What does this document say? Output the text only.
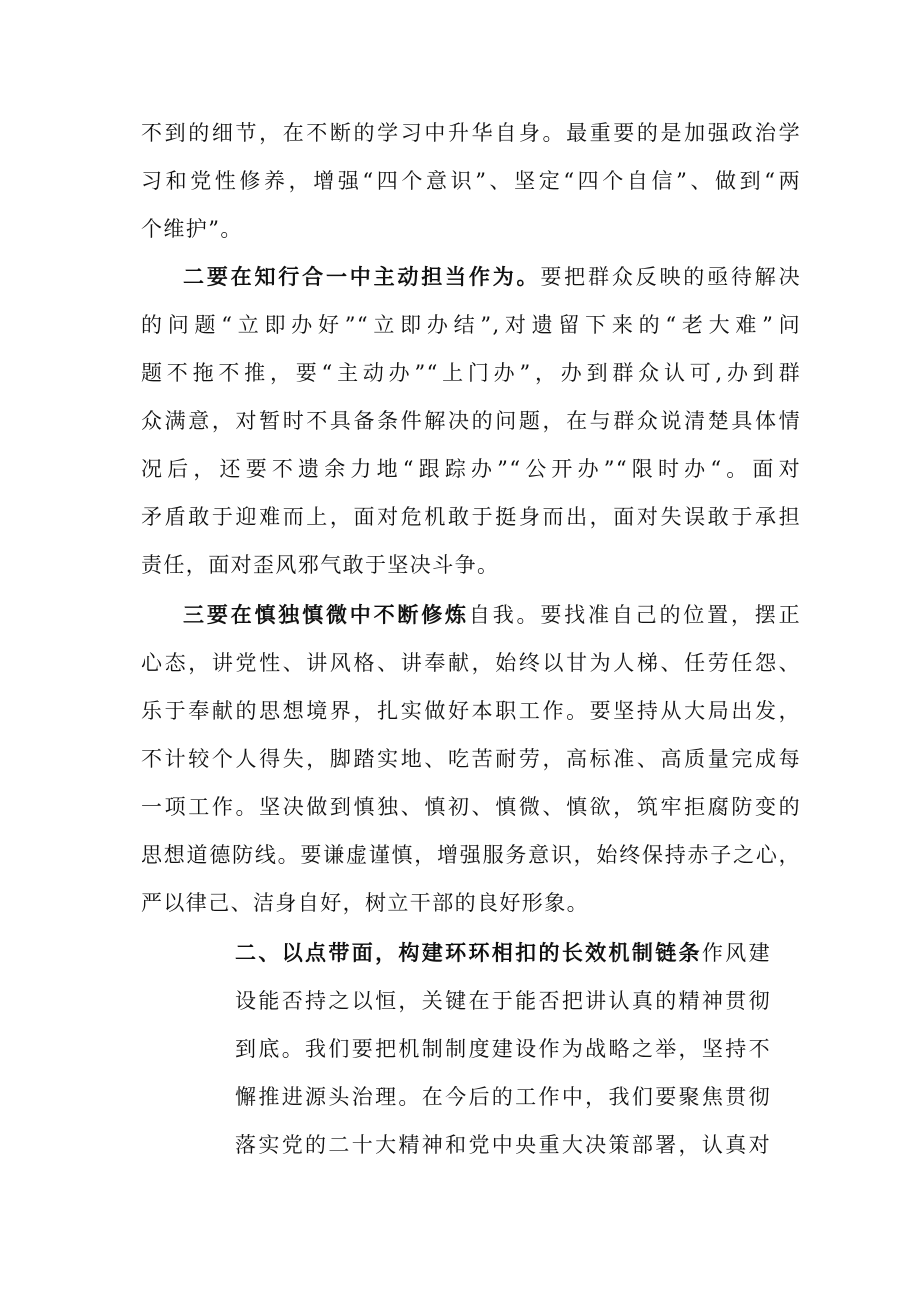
不到的细节，在不断的学习中升华自身。最重要的是加强政治学
习和党性修养，增强“四个意识”、坚定“四个自信”、做到“两
个维护”。
二要在知行合一中主动担当作为。要把群众反映的亟待解决
的问题“立即办好”“立即办结”,对遗留下来的“老大难”问
题不拖不推，要“主动办”“上门办”，办到群众认可,办到群
众满意，对暂时不具备条件解决的问题，在与群众说清楚具体情
况后，还要不遗余力地“跟踪办”“公开办”“限时办“。面对
矛盾敢于迎难而上，面对危机敢于挺身而出，面对失误敢于承担
责任，面对歪风邪气敢于坚决斗争。
三要在慎独慎微中不断修炼自我。要找准自己的位置，摆正
心态，讲党性、讲风格、讲奉献，始终以甘为人梯、任劳任怨、
乐于奉献的思想境界，扎实做好本职工作。要坚持从大局出发，
不计较个人得失，脚踏实地、吃苦耐劳，高标准、高质量完成每
一项工作。坚决做到慎独、慎初、慎微、慎欲，筑牢拒腐防变的
思想道德防线。要谦虚谨慎，增强服务意识，始终保持赤子之心，
严以律己、洁身自好，树立干部的良好形象。
二、以点带面，构建环环相扣的长效机制链条作风建
设能否持之以恒，关键在于能否把讲认真的精神贯彻
到底。我们要把机制制度建设作为战略之举，坚持不
懈推进源头治理。在今后的工作中，我们要聚焦贯彻
落实党的二十大精神和党中央重大决策部署，认真对
